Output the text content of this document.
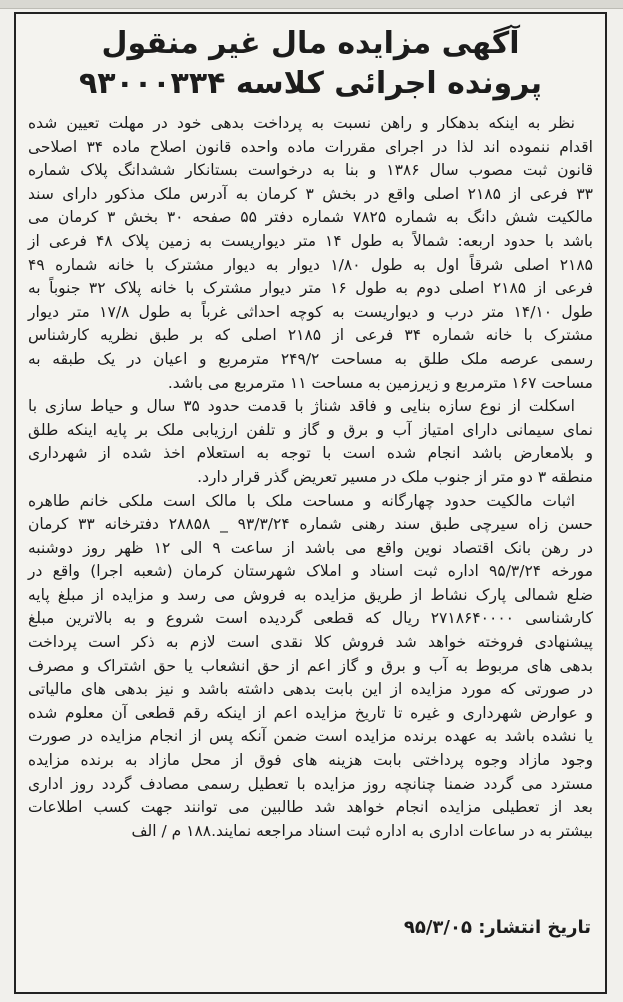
آگهی مزایده مال غیر منقول
پرونده اجرائی کلاسه ۹۳۰۰۰۳۳۴
نظر به اینکه بدهکار و راهن نسبت به پرداخت بدهی خود در مهلت تعیین شده
اقدام ننموده اند لذا در اجرای مقررات ماده واحده قانون اصلاح ماده ۳۴ اصلاحی
قانون ثبت مصوب سال ۱۳۸۶ و بنا به درخواست بستانکار ششدانگ پلاک شماره
۳۳ فرعی از ۲۱۸۵ اصلی واقع در بخش ۳ کرمان به آدرس ملک مذکور دارای سند
مالکیت شش دانگ به شماره ۷۸۲۵ شماره دفتر ۵۵ صفحه ۳۰ بخش ۳ کرمان می
باشد با حدود اربعه: شمالاً به طول ۱۴ متر دیواریست به زمین پلاک ۴۸ فرعی از
۲۱۸۵ اصلی شرقاً اول به طول ۱/۸۰ دیوار به دیوار مشترک با خانه شماره ۴۹
فرعی از ۲۱۸۵ اصلی دوم به طول ۱۶ متر دیوار مشترک با خانه پلاک ۳۲ جنوباً به
طول ۱۴/۱۰ متر درب و دیواریست به کوچه احداثی غرباً به طول ۱۷/۸ متر دیوار
مشترک با خانه شماره ۳۴ فرعی از ۲۱۸۵ اصلی که بر طبق نظریه کارشناس
رسمی عرصه ملک طلق به مساحت ۲۴۹/۲ مترمربع و اعیان در یک طبقه به
مساحت ۱۶۷ مترمربع و زیرزمین به مساحت ۱۱ مترمربع می باشد.
اسکلت از نوع سازه بنایی و فاقد شناژ با قدمت حدود ۳۵ سال و حیاط سازی با
نمای سیمانی دارای امتیاز آب و برق و گاز و تلفن ارزیابی ملک بر پایه اینکه طلق
و بلامعارض باشد انجام شده است با توجه به استعلام اخذ شده از شهرداری
منطقه ۳ دو متر از جنوب ملک در مسیر تعریض گذر قرار دارد.
اثبات مالکیت حدود چهارگانه و مساحت ملک با مالک است ملکی خانم طاهره
حسن زاه سیرچی طبق سند رهنی شماره ۹۳/۳/۲۴ _ ۲۸۸۵۸ دفترخانه ۳۳ کرمان
در رهن بانک اقتصاد نوین واقع می باشد از ساعت ۹ الی ۱۲ ظهر روز دوشنبه
مورخه ۹۵/۳/۲۴ اداره ثبت اسناد و املاک شهرستان کرمان (شعبه اجرا) واقع در
ضلع شمالی پارک نشاط از طریق مزایده به فروش می رسد و مزایده از مبلغ پایه
کارشناسی ۲۷۱۸۶۴۰۰۰۰ ریال که قطعی گردیده است شروع و به بالاترین مبلغ
پیشنهادی فروخته خواهد شد فروش کلا نقدی است لازم به ذکر است پرداخت
بدهی های مربوط به آب و برق و گاز اعم از حق انشعاب یا حق اشتراک و مصرف
در صورتی که مورد مزایده از این بابت بدهی داشته باشد و نیز بدهی های مالیاتی
و عوارض شهرداری و غیره تا تاریخ مزایده اعم از اینکه رقم قطعی آن معلوم شده
یا نشده باشد به عهده برنده مزایده است ضمن آنکه پس از انجام مزایده در صورت
وجود مازاد وجوه پرداختی بابت هزینه های فوق از محل مازاد به برنده مزایده
مسترد می گردد ضمنا چنانچه روز مزایده با تعطیل رسمی مصادف گردد روز اداری
بعد از تعطیلی مزایده انجام خواهد شد طالبین می توانند جهت کسب اطلاعات
بیشتر به در ساعات اداری به اداره ثبت اسناد مراجعه نمایند.۱۸۸ م / الف
تاریخ انتشار: ۹۵/۳/۰۵
